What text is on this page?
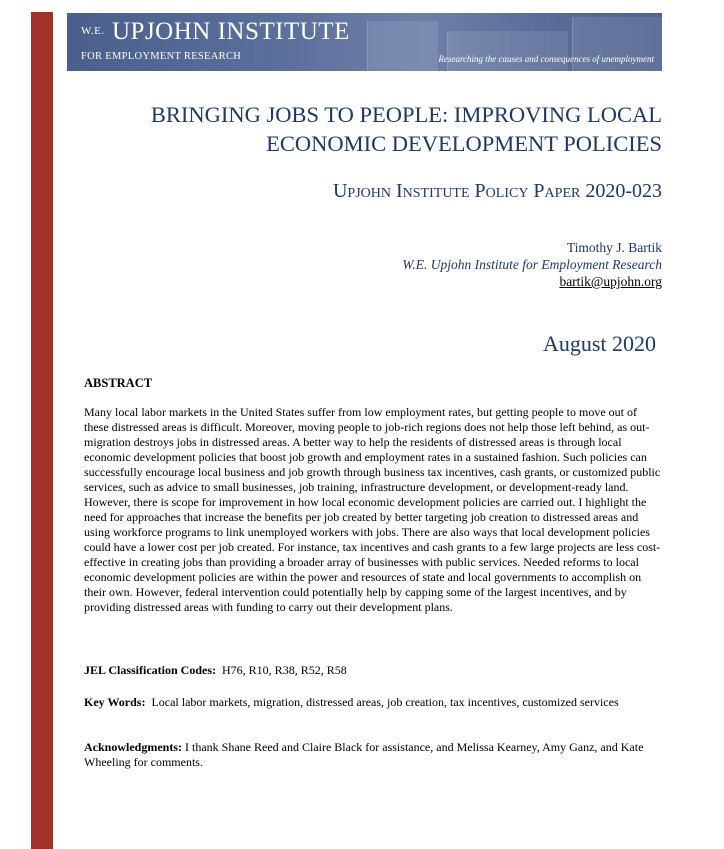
W.E. UPJOHN INSTITUTE
FOR EMPLOYMENT RESEARCH	Researching the causes and consequences of unemployment
BRINGING JOBS TO PEOPLE: IMPROVING LOCAL
ECONOMIC DEVELOPMENT POLICIES
Upjohn Institute Policy Paper 2020-023
Timothy J. Bartik
W.E. Upjohn Institute for Employment Research
bartik@upjohn.org
August 2020
ABSTRACT
Many local labor markets in the United States suffer from low employment rates, but getting people to move out of these distressed areas is difficult. Moreover, moving people to job-rich regions does not help those left behind, as out-migration destroys jobs in distressed areas. A better way to help the residents of distressed areas is through local economic development policies that boost job growth and employment rates in a sustained fashion. Such policies can successfully encourage local business and job growth through business tax incentives, cash grants, or customized public services, such as advice to small businesses, job training, infrastructure development, or development-ready land. However, there is scope for improvement in how local economic development policies are carried out. I highlight the need for approaches that increase the benefits per job created by better targeting job creation to distressed areas and using workforce programs to link unemployed workers with jobs. There are also ways that local development policies could have a lower cost per job created. For instance, tax incentives and cash grants to a few large projects are less cost-effective in creating jobs than providing a broader array of businesses with public services. Needed reforms to local economic development policies are within the power and resources of state and local governments to accomplish on their own. However, federal intervention could potentially help by capping some of the largest incentives, and by providing distressed areas with funding to carry out their development plans.
JEL Classification Codes: H76, R10, R38, R52, R58
Key Words: Local labor markets, migration, distressed areas, job creation, tax incentives, customized services
Acknowledgments: I thank Shane Reed and Claire Black for assistance, and Melissa Kearney, Amy Ganz, and Kate Wheeling for comments.
